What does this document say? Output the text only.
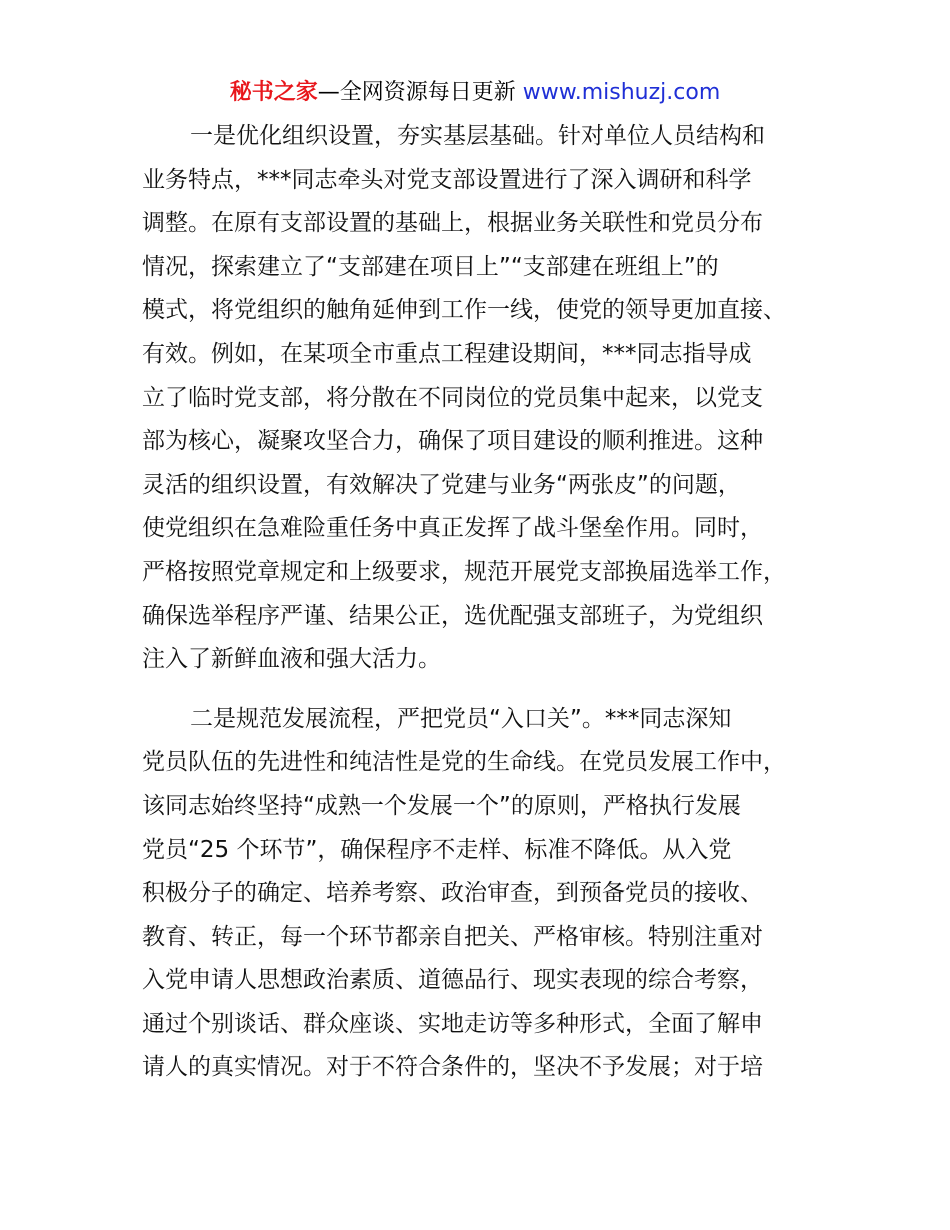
秘书之家—全网资源每日更新 www.mishuzj.com
一是优化组织设置，夯实基层基础。针对单位人员结构和
业务特点，***同志牵头对党支部设置进行了深入调研和科学
调整。在原有支部设置的基础上，根据业务关联性和党员分布
情况，探索建立了“支部建在项目上”“支部建在班组上”的
模式，将党组织的触角延伸到工作一线，使党的领导更加直接、
有效。例如，在某项全市重点工程建设期间，***同志指导成
立了临时党支部，将分散在不同岗位的党员集中起来，以党支
部为核心，凝聚攻坚合力，确保了项目建设的顺利推进。这种
灵活的组织设置，有效解决了党建与业务“两张皮”的问题，
使党组织在急难险重任务中真正发挥了战斗堡垒作用。同时，
严格按照党章规定和上级要求，规范开展党支部换届选举工作，
确保选举程序严谨、结果公正，选优配强支部班子，为党组织
注入了新鲜血液和强大活力。
二是规范发展流程，严把党员“入口关”。***同志深知
党员队伍的先进性和纯洁性是党的生命线。在党员发展工作中，
该同志始终坚持“成熟一个发展一个”的原则，严格执行发展
党员“25 个环节”，确保程序不走样、标准不降低。从入党
积极分子的确定、培养考察、政治审查，到预备党员的接收、
教育、转正，每一个环节都亲自把关、严格审核。特别注重对
入党申请人思想政治素质、道德品行、现实表现的综合考察，
通过个别谈话、群众座谈、实地走访等多种形式，全面了解申
请人的真实情况。对于不符合条件的，坚决不予发展；对于培
